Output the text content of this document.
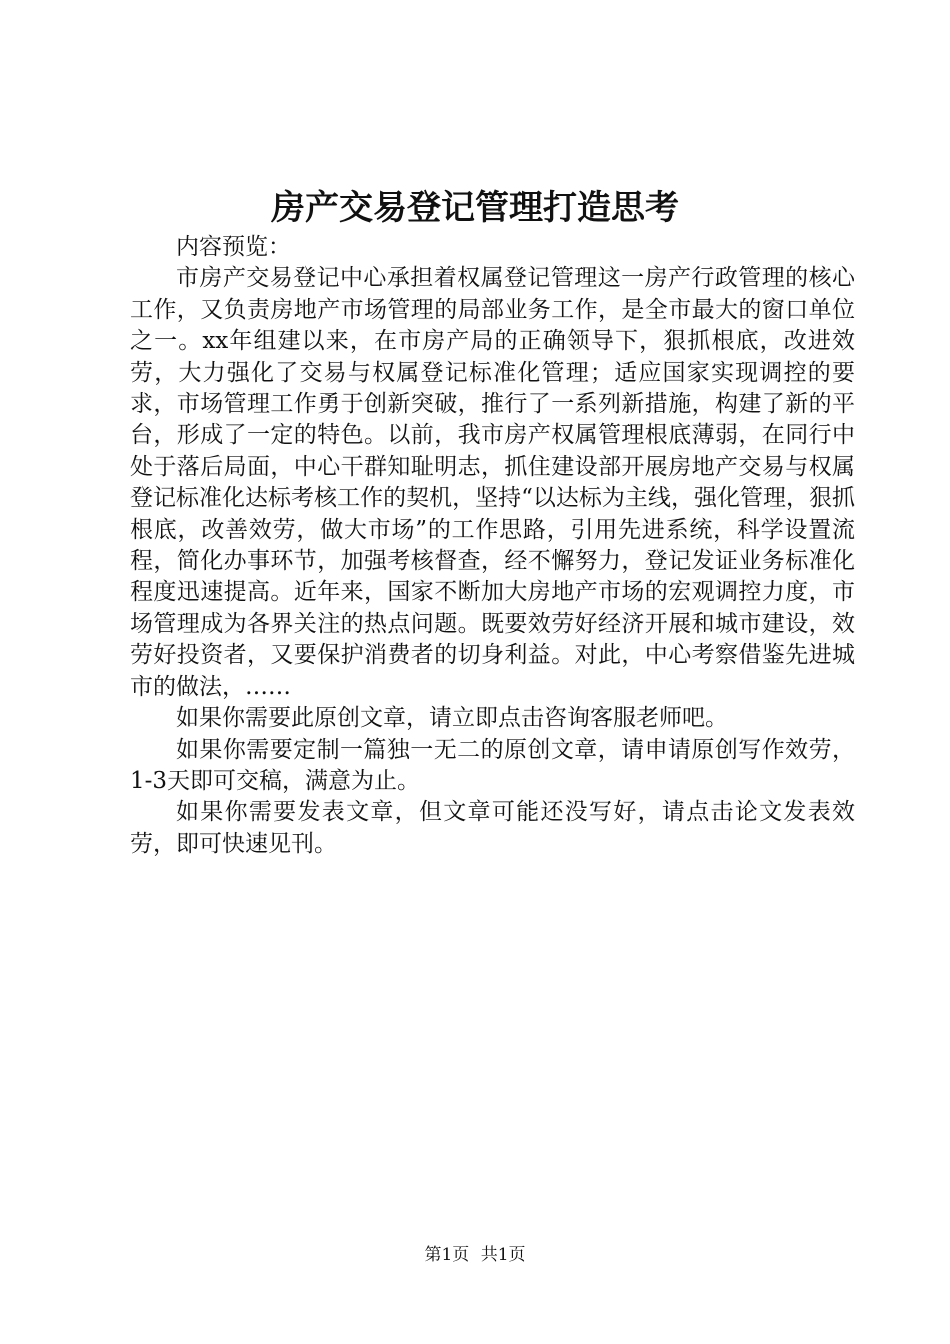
房产交易登记管理打造思考

内容预览：

市房产交易登记中心承担着权属登记管理这一房产行政管理的核心工作，又负责房地产市场管理的局部业务工作，是全市最大的窗口单位之一。xx年组建以来，在市房产局的正确领导下，狠抓根底，改进效劳，大力强化了交易与权属登记标准化管理；适应国家实现调控的要求，市场管理工作勇于创新突破，推行了一系列新措施，构建了新的平台，形成了一定的特色。以前，我市房产权属管理根底薄弱，在同行中处于落后局面，中心干群知耻明志，抓住建设部开展房地产交易与权属登记标准化达标考核工作的契机，坚持“以达标为主线，强化管理，狠抓根底，改善效劳，做大市场”的工作思路，引用先进系统，科学设置流程，简化办事环节，加强考核督查，经不懈努力，登记发证业务标准化程度迅速提高。近年来，国家不断加大房地产市场的宏观调控力度，市场管理成为各界关注的热点问题。既要效劳好经济开展和城市建设，效劳好投资者，又要保护消费者的切身利益。对此，中心考察借鉴先进城市的做法，……

如果你需要此原创文章，请立即点击咨询客服老师吧。

如果你需要定制一篇独一无二的原创文章，请申请原创写作效劳，1-3天即可交稿，满意为止。

如果你需要发表文章，但文章可能还没写好，请点击论文发表效劳，即可快速见刊。

第1页 共1页
